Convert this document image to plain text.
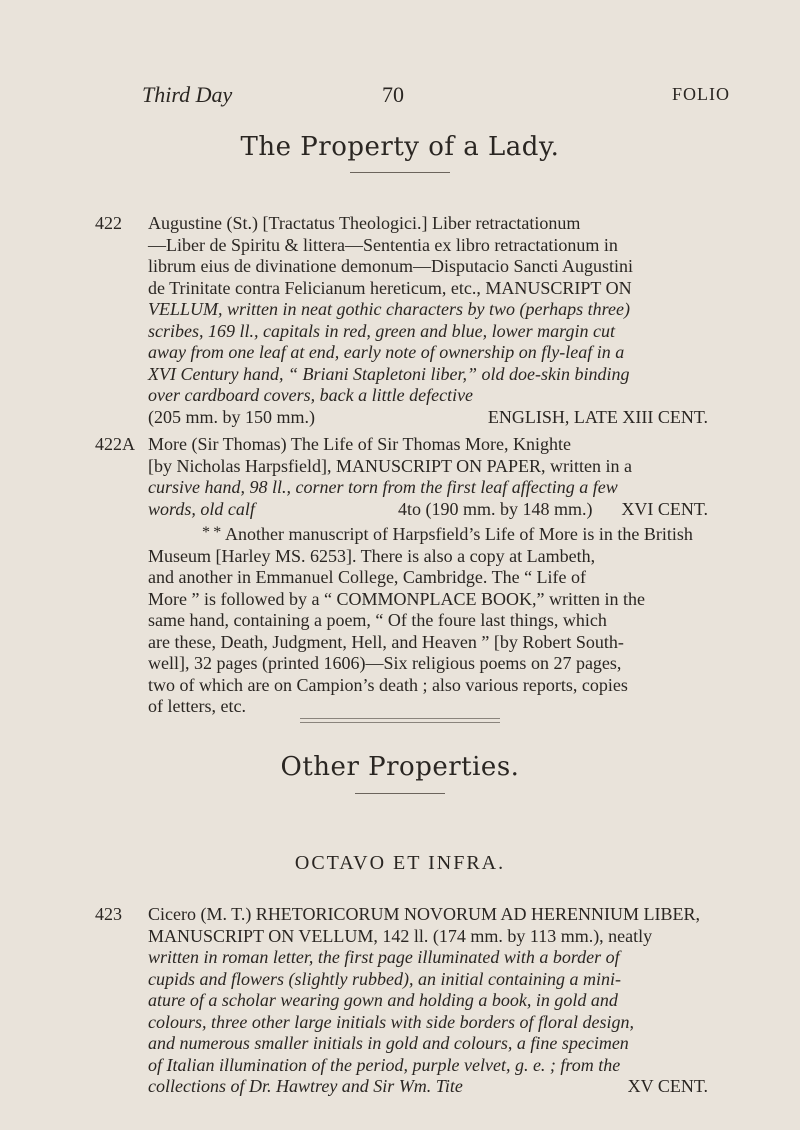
Third Day	70	FOLIO
The Property of a Lady.
422 Augustine (St.) [Tractatus Theologici.] Liber retractationum
—Liber de Spiritu & littera—Sententia ex libro retractationum in
librum eius de divinatione demonum—Disputacio Sancti Augustini
de Trinitate contra Felicianum hereticum, etc., MANUSCRIPT ON
VELLUM, written in neat gothic characters by two (perhaps three)
scribes, 169 ll., capitals in red, green and blue, lower margin cut
away from one leaf at end, early note of ownership on fly-leaf in a
XVI Century hand, “ Briani Stapletoni liber,” old doe-skin binding
over cardboard covers, back a little defective
(205 mm. by 150 mm.)	ENGLISH, LATE XIII CENT.
422A More (Sir Thomas) The Life of Sir Thomas More, Knighte
[by Nicholas Harpsfield], MANUSCRIPT ON PAPER, written in a
cursive hand, 98 ll., corner torn from the first leaf affecting a few
words, old calf	4to (190 mm. by 148 mm.) XVI CENT.
* * Another manuscript of Harpsfield’s Life of More is in the British
Museum [Harley MS. 6253]. There is also a copy at Lambeth,
and another in Emmanuel College, Cambridge. The “ Life of
More ” is followed by a “ COMMONPLACE BOOK,” written in the
same hand, containing a poem, “ Of the foure last things, which
are these, Death, Judgment, Hell, and Heaven ” [by Robert South-
well], 32 pages (printed 1606)—Six religious poems on 27 pages,
two of which are on Campion’s death ; also various reports, copies
of letters, etc.
Other Properties.
OCTAVO ET INFRA.
423 Cicero (M. T.) RHETORICORUM NOVORUM AD HERENNIUM LIBER,
MANUSCRIPT ON VELLUM, 142 ll. (174 mm. by 113 mm.), neatly
written in roman letter, the first page illuminated with a border of
cupids and flowers (slightly rubbed), an initial containing a mini-
ature of a scholar wearing gown and holding a book, in gold and
colours, three other large initials with side borders of floral design,
and numerous smaller initials in gold and colours, a fine specimen
of Italian illumination of the period, purple velvet, g. e. ; from the
collections of Dr. Hawtrey and Sir Wm. Tite	XV CENT.
